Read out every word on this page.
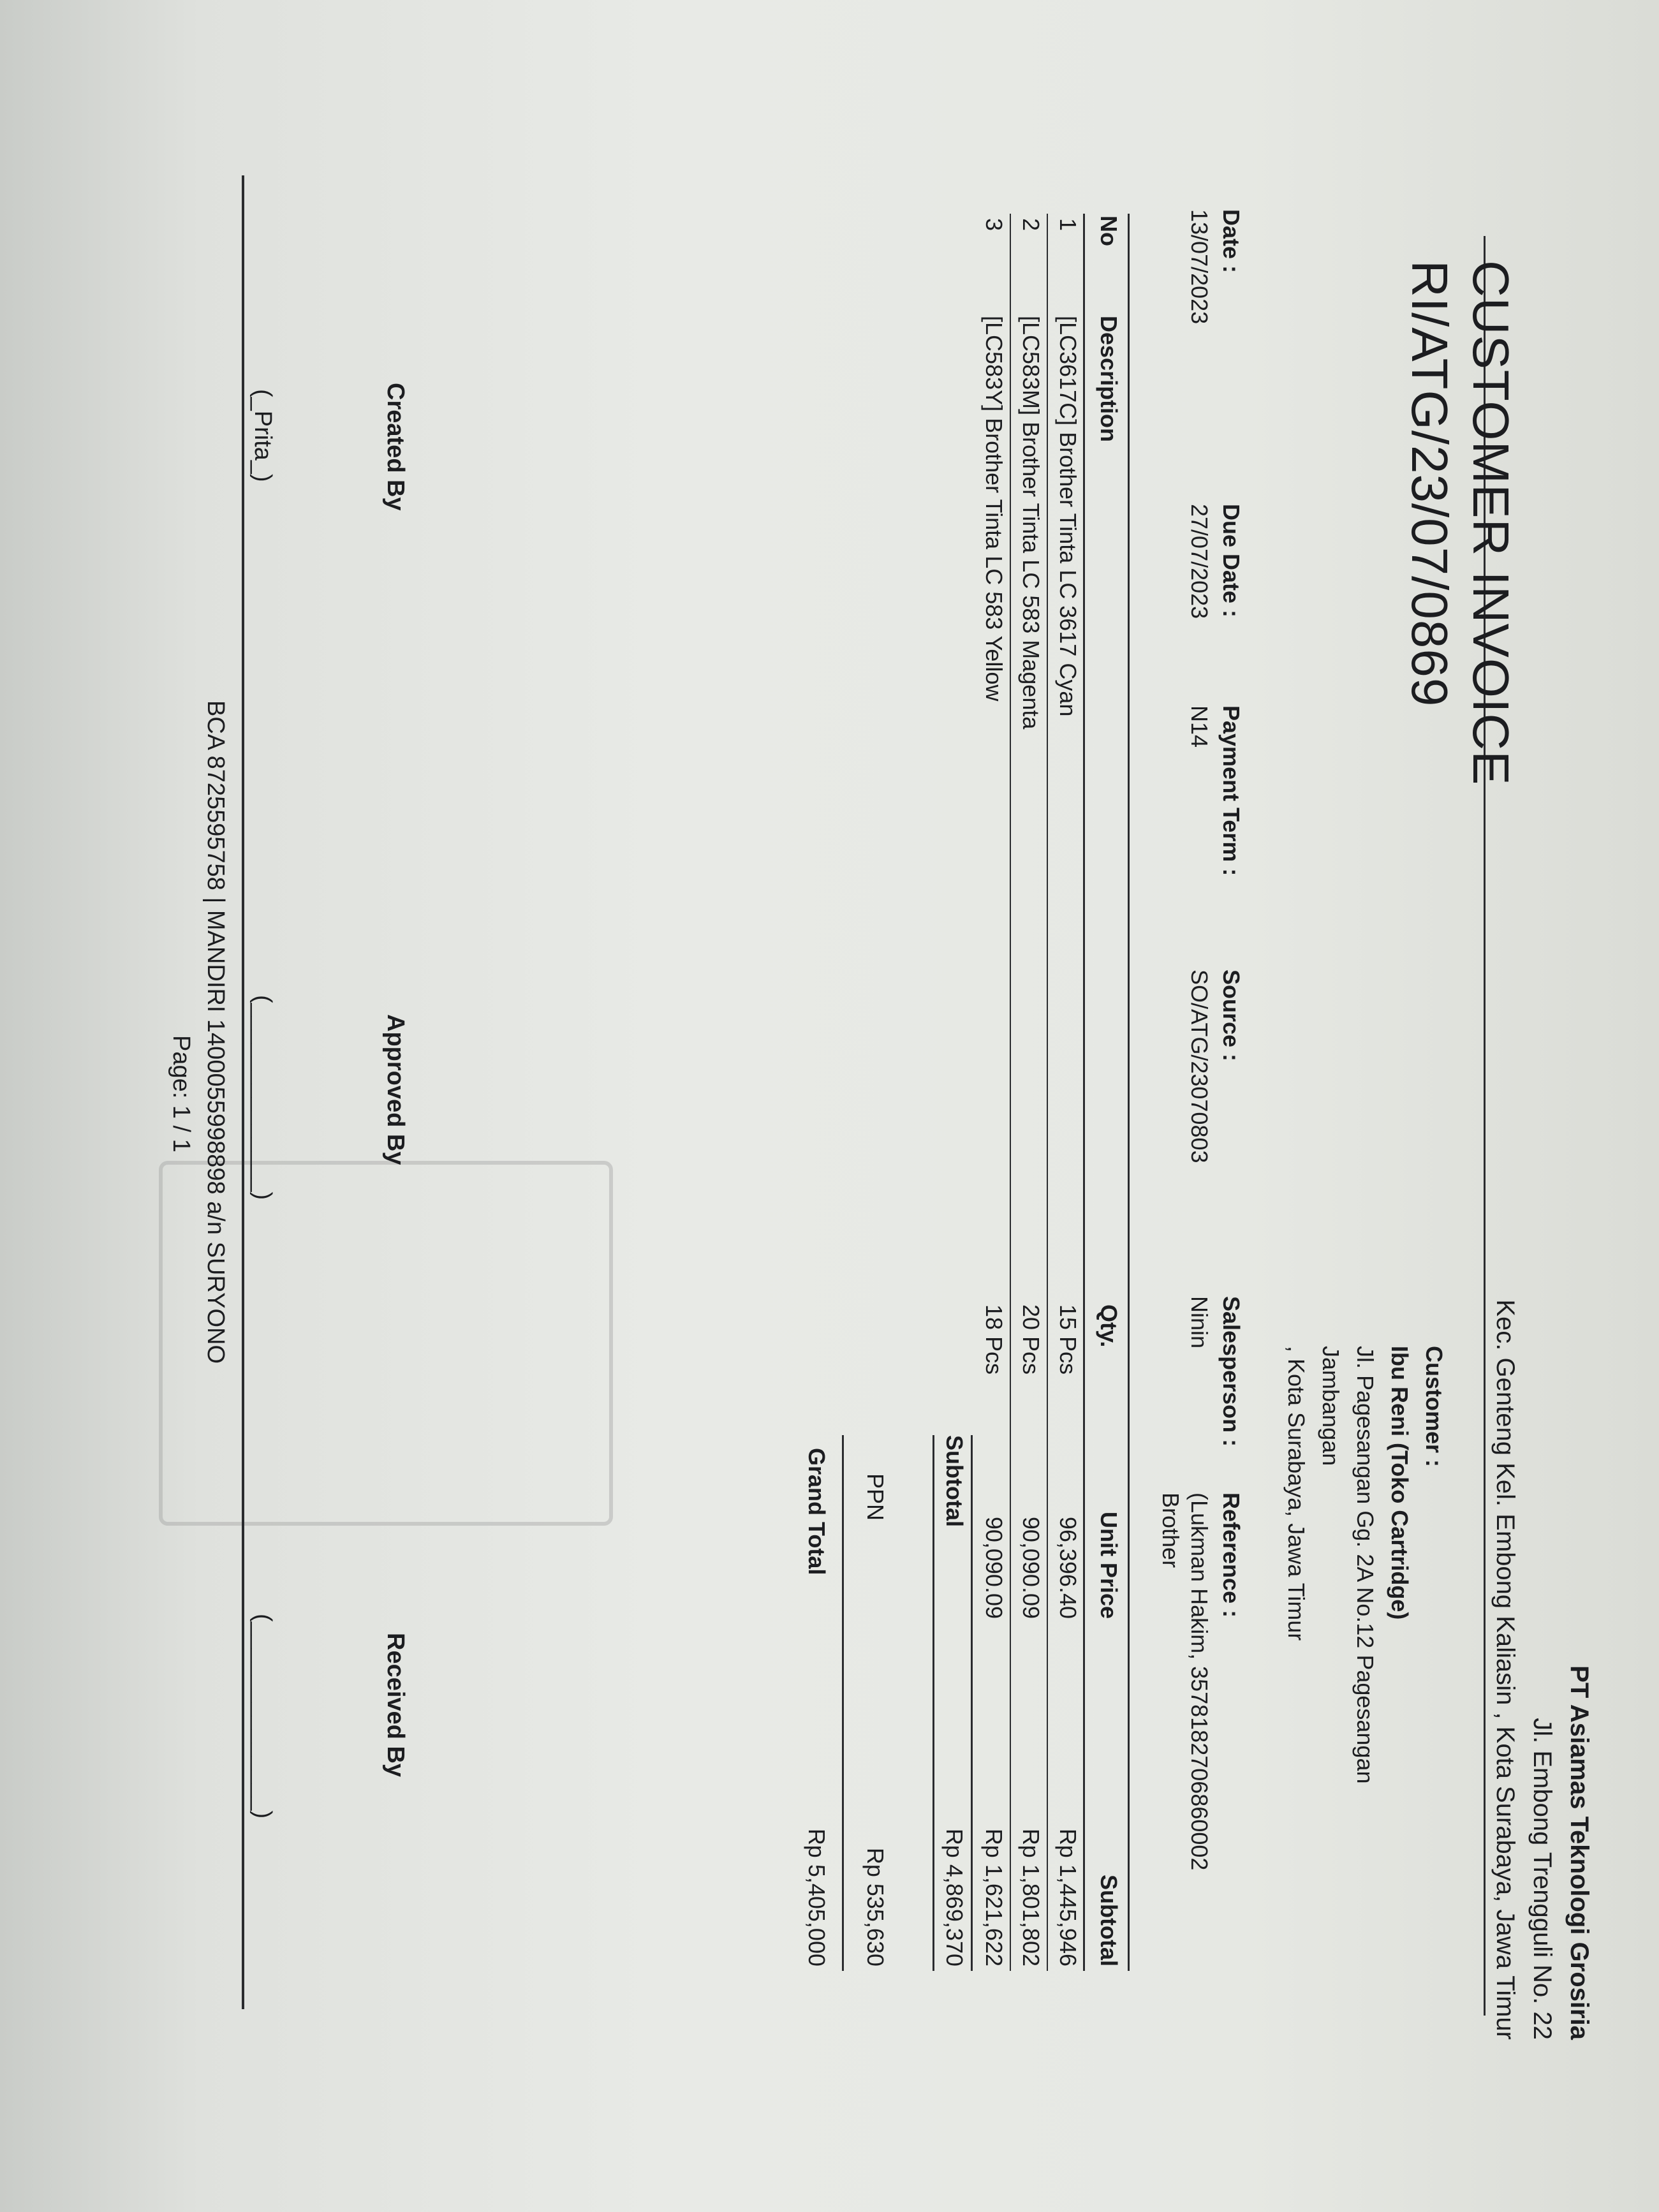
PT Asiamas Teknologi Grosiria
Jl. Embong Trengguli No. 22
Kec. Genteng Kel. Embong Kaliasin , Kota Surabaya, Jawa Timur
CUSTOMER INVOICE
RI/ATG/23/07/0869
Customer :
Ibu Reni (Toko Cartridge)
Jl. Pagesangan Gg. 2A No.12 Pagesangan
Jambangan
, Kota Surabaya, Jawa Timur
Date :
13/07/2023
Due Date :
27/07/2023
Payment Term :
N14
Source :
SO/ATG/23070803
Salesperson :
Ninin
Reference :
(Lukman Hakim, 3578182706860002
Brother
No
Description
Qty.
Unit Price
Subtotal
1
[LC3617C] Brother Tinta LC 3617 Cyan
15 Pcs
96,396.40
Rp 1,445,946
2
[LC583M] Brother Tinta LC 583 Magenta
20 Pcs
90,090.09
Rp 1,801,802
3
[LC583Y] Brother Tinta LC 583 Yellow
18 Pcs
90,090.09
Rp 1,621,622
Subtotal
Rp 4,869,370
PPN
Rp 535,630
Grand Total
Rp 5,405,000
Created By
Approved By
Received By
(_Prita_)
(______________)
(______________)
BCA 8725595758 | MANDIRI 1400055998898 a/n SURYONO
Page: 1 / 1
